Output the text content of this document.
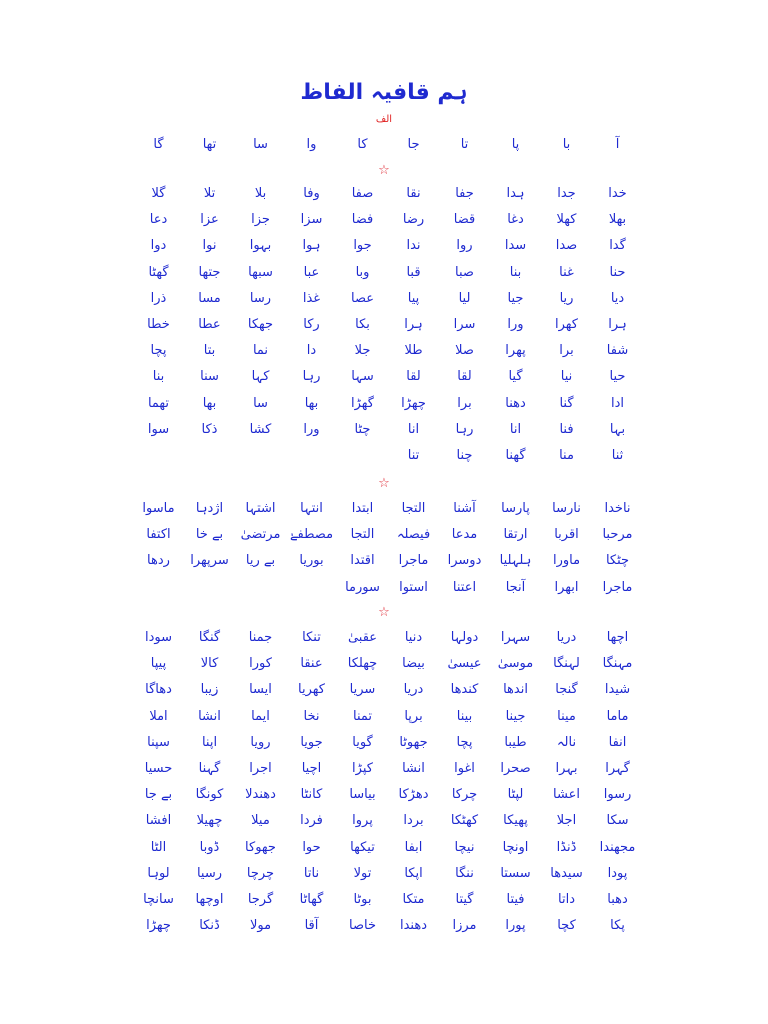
ہم قافیہ الفاظ
الف
آ
با
پا
تا
جا
کا
وا
سا
تھا
گا
☆
خدا
جدا
ہدا
جفا
نقا
صفا
وفا
بلا
تلا
گلا
بھلا
کھلا
دغا
قضا
رضا
فضا
سزا
جزا
عزا
دعا
گدا
صدا
سدا
روا
ندا
جوا
ہوا
بہوا
نوا
دوا
حنا
غنا
بنا
صبا
قبا
وبا
عبا
سبھا
جتھا
گھٹا
دیا
ریا
جیا
لیا
پیا
عصا
غذا
رسا
مسا
ذرا
ہرا
کھرا
ورا
سرا
ہرا
بکا
رکا
جھکا
عطا
خطا
شفا
برا
پھرا
صلا
طلا
جلا
دا
نما
بتا
پچا
حیا
نیا
گیا
لقا
لقا
سہا
رہا
کہا
سنا
بنا
ادا
گنا
دھنا
برا
چھڑا
گھڑا
بھا
سا
بھا
تھما
بہا
فنا
انا
رہا
انا
چٹا
ورا
کشا
ذکا
سوا
ثنا
منا
گھنا
چنا
تنا
☆
ناخدا
نارسا
پارسا
آشنا
التجا
ابتدا
انتہا
اشتہا
اژدہا
ماسوا
مرحبا
اقربا
ارتقا
مدعا
فیصلہ
التجا
مصطفےٰ
مرتضیٰ
بے خا
اکتفا
چٹکا
ماورا
ہلہلیا
دوسرا
ماجرا
اقتدا
بوریا
بے ریا
سرپھرا
ردھا
ماجرا
ابھرا
آنجا
اعتنا
استوا
سورما
☆
اچھا
دریا
سہرا
دولہا
دنیا
عقبیٰ
تنکا
جمنا
گنگا
سودا
مہنگا
لہنگا
موسیٰ
عیسیٰ
بیضا
چھلکا
عنقا
کورا
کالا
پیپا
شیدا
گنجا
اندھا
کندھا
دریا
سریا
کھریا
ایسا
زیبا
دھاگا
ماما
مینا
جینا
بینا
برپا
تمنا
نخا
ایما
انشا
املا
انفا
نالہ
طیبا
پچا
جھوٹا
گویا
جویا
رویا
اپنا
سپنا
گہرا
بہرا
صحرا
اغوا
انشا
کپڑا
اچیا
اجرا
گہنا
حسیا
رسوا
اعشا
لپٹا
چرکا
دھڑکا
بیاسا
کانٹا
دھندلا
کونگا
بے جا
سکا
اجلا
پھیکا
کھٹکا
بردا
پروا
فردا
میلا
چھیلا
افشا
مجھندا
ڈنڈا
اونچا
نیچا
ابفا
تیکھا
حوا
جھوکا
ڈوبا
الٹا
پودا
سیدھا
سستا
ننگا
اپکا
تولا
ناتا
چرچا
رسیا
لوہا
دھبا
داتا
فیتا
گیتا
متکا
بوٹا
گھاٹا
گرجا
اوچھا
سانچا
پکا
کچا
پورا
مرزا
دھندا
خاصا
آقا
مولا
ڈنکا
چھڑا
